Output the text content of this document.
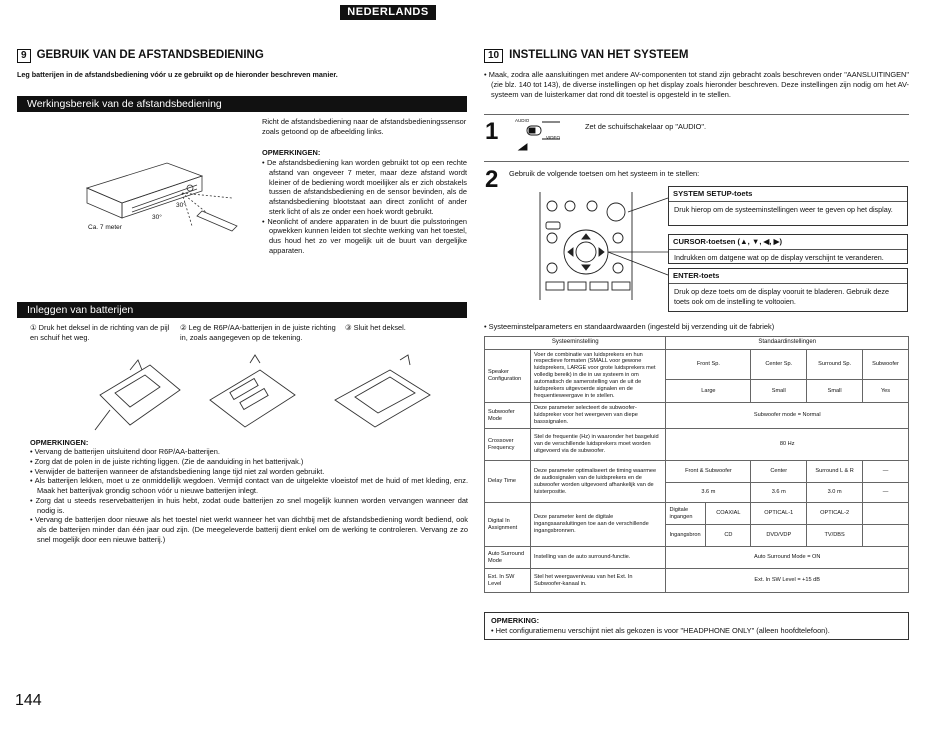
NEDERLANDS
9 GEBRUIK VAN DE AFSTANDSBEDIENING
Leg batterijen in de afstandsbediening vóór u ze gebruikt op de hieronder beschreven manier.
Werkingsbereik van de afstandsbediening
30°
30°
Ca. 7 meter
Richt de afstandsbediening naar de afstandsbedieningssensor zoals getoond op de afbeelding links.
OPMERKINGEN:
• De afstandsbediening kan worden gebruikt tot op een rechte afstand van ongeveer 7 meter, maar deze afstand wordt kleiner of de bediening wordt moeilijker als er zich obstakels tussen de afstandsbediening en de sensor bevinden, als de afstandsbediening blootstaat aan direct zonlicht of ander sterk licht of als ze onder een hoek wordt gebruikt.
• Neonlicht of andere apparaten in de buurt die pulsstoringen opwekken kunnen leiden tot slechte werking van het toestel, dus houd het zo ver mogelijk uit de buurt van dergelijke apparaten.
Inleggen van batterijen
① Druk het deksel in de richting van de pijl en schuif het weg.
② Leg de R6P/AA-batterijen in de juiste richting in, zoals aangegeven op de tekening.
③ Sluit het deksel.
OPMERKINGEN:
• Vervang de batterijen uitsluitend door R6P/AA-batterijen.
• Zorg dat de polen in de juiste richting liggen. (Zie de aanduiding in het batterijvak.)
• Verwijder de batterijen wanneer de afstandsbediening lange tijd niet zal worden gebruikt.
• Als batterijen lekken, moet u ze onmiddellijk wegdoen. Vermijd contact van de uitgelekte vloeistof met de huid of met kleding, enz. Maak het batterijvak grondig schoon vóór u nieuwe batterijen inlegt.
• Zorg dat u steeds reservebatterijen in huis hebt, zodat oude batterijen zo snel mogelijk kunnen worden vervangen wanneer dat nodig is.
• Vervang de batterijen door nieuwe als het toestel niet werkt wanneer het van dichtbij met de afstandsbediening wordt bediend, ook als de batterijen minder dan één jaar oud zijn. (De meegeleverde batterij dient enkel om de werking te controleren. Vervang ze zo snel mogelijk door een nieuwe batterij.)
10 INSTELLING VAN HET SYSTEEM
• Maak, zodra alle aansluitingen met andere AV-componenten tot stand zijn gebracht zoals beschreven onder "AANSLUITINGEN" (zie blz. 140 tot 143), de diverse instellingen op het display zoals hieronder beschreven. Deze instellingen zijn nodig om het AV-systeem van de luisterkamer dat rond dit toestel is opgesteld in te stellen.
1	AUDIO
VIDEO
Zet de schuifschakelaar op "AUDIO".
2 Gebruik de volgende toetsen om het systeem in te stellen:
SYSTEM SETUP-toets
Druk hierop om de systeeminstellingen weer te geven op het display.
CURSOR-toetsen (▲, ▼, ◀, ▶)
Indrukken om datgene wat op de display verschijnt te veranderen.
ENTER-toets
Druk op deze toets om de display vooruit te bladeren. Gebruik deze toets ook om de instelling te voltooien.
• Systeeminstelparameters en standaardwaarden (ingesteld bij verzending uit de fabriek)
Systeeminstelling		Standaardinstellingen				
Speaker Configuration	Voer de combinatie van luidsprekers en hun respectieve formaten (SMALL voor gewone luidsprekers, LARGE voor grote luidsprekers met volledig bereik) in die in uw systeem in om automatisch de samenstelling van de uit de luidsprekers uitgevoerde signalen en de frequentieweergave in te stellen.	Front Sp.		Center Sp.	Surround Sp.	Subwoofer
		Large		Small	Small	Yes
Subwoofer Mode	Deze parameter selecteert de subwoofer-luidspreker voor het weergeven van diepe basssignalen.	Subwoofer mode = Normal				
Crossover Frequency	Stel de frequentie (Hz) in waaronder het basgeluid van de verschillende luidsprekers moet worden uitgevoerd via de subwoofer.	80 Hz				
Delay Time	Deze parameter optimaliseert de timing waarmee de audiosignalen van de luidsprekers en de subwoofer worden uitgevoerd afhankelijk van de luisterpositie.	Front & Subwoofer		Center	Surround L & R	—
		3.6 m		3.6 m	3.0 m	—
Digital In Assignment	Deze parameter kent de digitale ingangsaansluitingen toe aan de verschillende ingangsbronnen.	Digitale ingangen	COAXIAL	OPTICAL-1	OPTICAL-2	
		Ingangsbron	CD	DVD/VDP	TV/DBS	
Auto Surround Mode	Instelling van de auto surround-functie.	Auto Surround Mode = ON				
Ext. In SW Level	Stel het weergaveniveau van het Ext. In Subwoofer-kanaal in.	Ext. In SW Level = +15 dB				
OPMERKING:
• Het configuratiemenu verschijnt niet als gekozen is voor "HEADPHONE ONLY" (alleen hoofdtelefoon).
144
